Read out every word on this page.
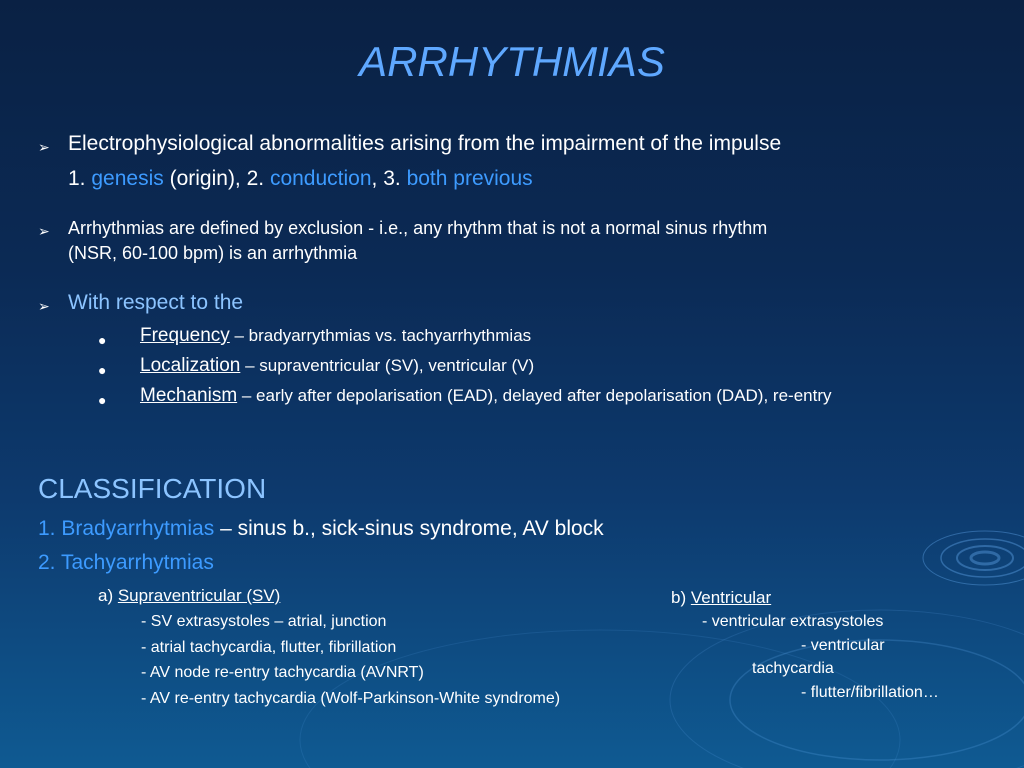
ARRHYTHMIAS
➢ Electrophysiological abnormalities arising from the impairment of the impulse
1. genesis (origin), 2. conduction, 3. both previous
➢ Arrhythmias are defined by exclusion - i.e., any rhythm that is not a normal sinus rhythm
(NSR, 60-100 bpm) is an arrhythmia
➢ With respect to the
● Frequency – bradyarrythmias vs. tachyarrhythmias
● Localization – supraventricular (SV), ventricular (V)
● Mechanism – early after depolarisation (EAD), delayed after depolarisation (DAD), re-entry
CLASSIFICATION
1. Bradyarrhytmias – sinus b., sick-sinus syndrome, AV block
2. Tachyarrhytmias
a) Supraventricular (SV)
- SV extrasystoles – atrial, junction
- atrial tachycardia, flutter, fibrillation
- AV node re-entry tachycardia (AVNRT)
- AV re-entry tachycardia (Wolf-Parkinson-White syndrome)
b) Ventricular
- ventricular extrasystoles
- ventricular
tachycardia
- flutter/fibrillation…
